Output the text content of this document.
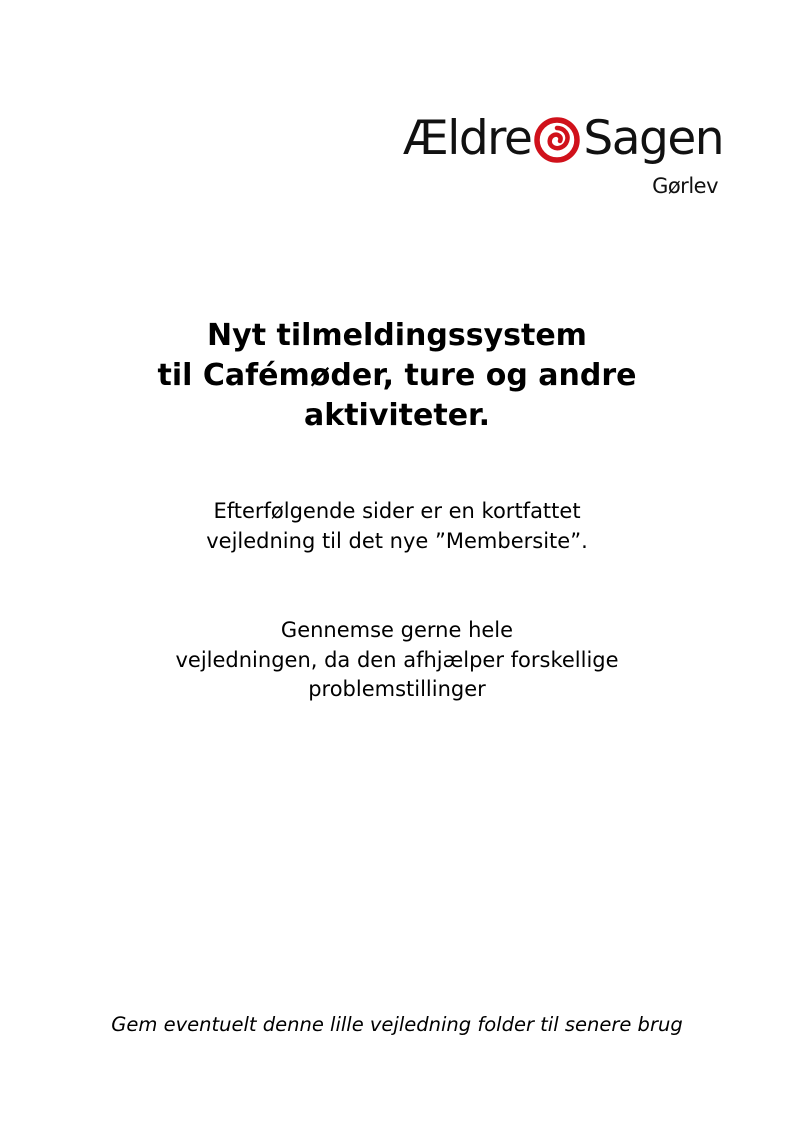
Ældre Sagen
Gørlev
Nyt tilmeldingssystem
til Cafémøder, ture og andre
aktiviteter.

Efterfølgende sider er en kortfattet
vejledning til det nye ”Membersite”.

Gennemse gerne hele
vejledningen, da den afhjælper forskellige
problemstillinger

Gem eventuelt denne lille vejledning folder til senere brug
